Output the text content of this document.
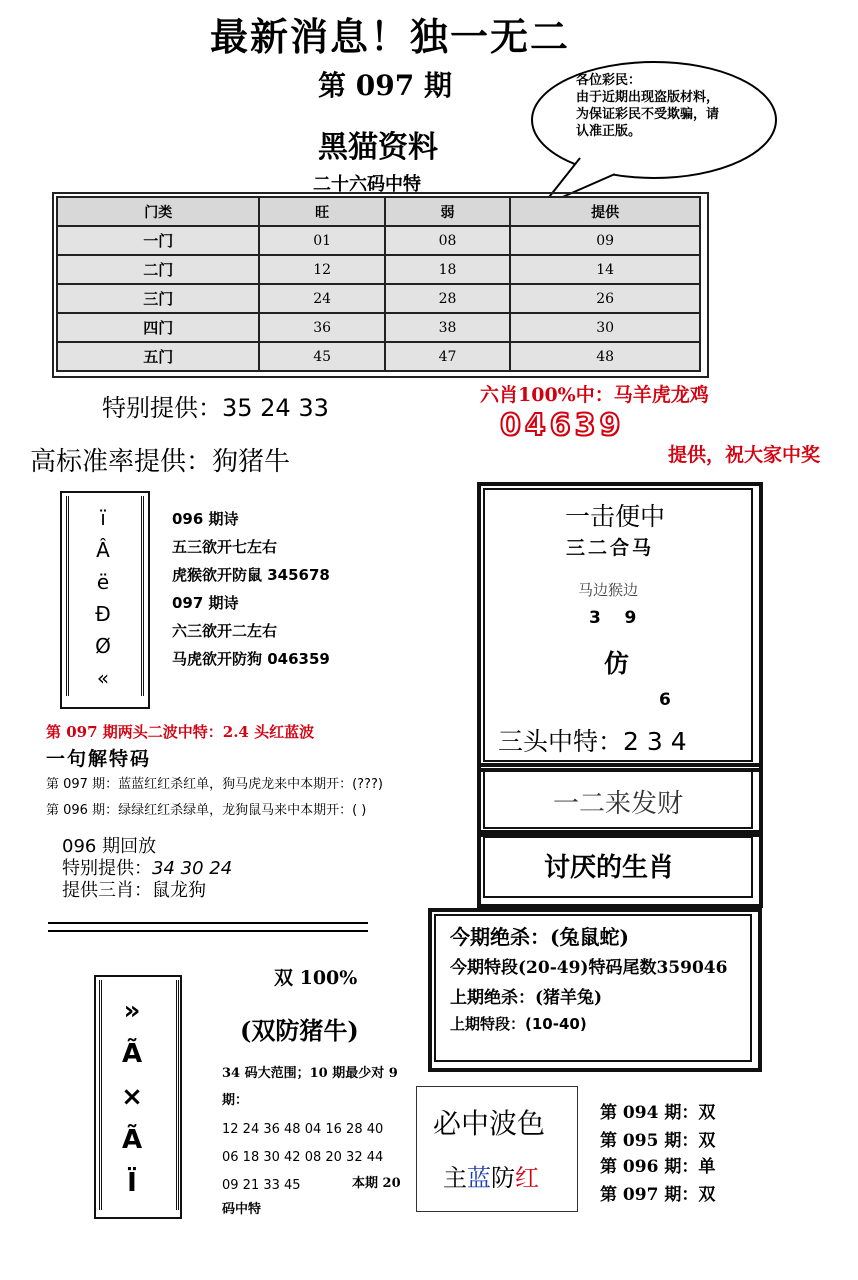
最新消息！独一无二
第 097 期
黑猫资料
二十六码中特
各位彩民：
由于近期出现盗版材料，为保证彩民不受欺骗，请认准正版。
门类	旺	弱	提供
一门	01	08	09
二门	12	18	14
三门	24	28	26
四门	36	38	30
五门	45	47	48
特别提供：35 24 33	六肖100%中：马羊虎龙鸡
04639
提供，祝大家中奖
高标准率提供：狗猪牛
ï
Â
ë
Ð
Ø
«
096 期诗
五三欲开七左右
虎猴欲开防鼠 345678
097 期诗
六三欲开二左右
马虎欲开防狗 046359
第 097 期两头二波中特：2.4 头红蓝波
一句解特码
第 097 期：蓝蓝红红杀红单，狗马虎龙来中本期开：(???)
第 096 期：绿绿红红杀绿单，龙狗鼠马来中本期开：( )
096 期回放
特别提供：34 30 24
提供三肖：鼠龙狗
一击便中
三二合马
马边猴边
3    9
仿
6
三头中特：2 3 4
一二来发财
讨厌的生肖
今期绝杀：(兔鼠蛇)
今期特段(20-49)特码尾数359046
上期绝杀：(猪羊兔)
上期特段：(10-40)
»
Ã
×
Ã
Ï
双 100%
(双防猪牛)
34 码大范围；10 期最少对 9 期：
12 24 36 48 04 16 28 40
06 18 30 42 08 20 32 44
09 21 33 45	本期 20
码中特
必中波色
主蓝防红
第 094 期：双
第 095 期：双
第 096 期：单
第 097 期：双
